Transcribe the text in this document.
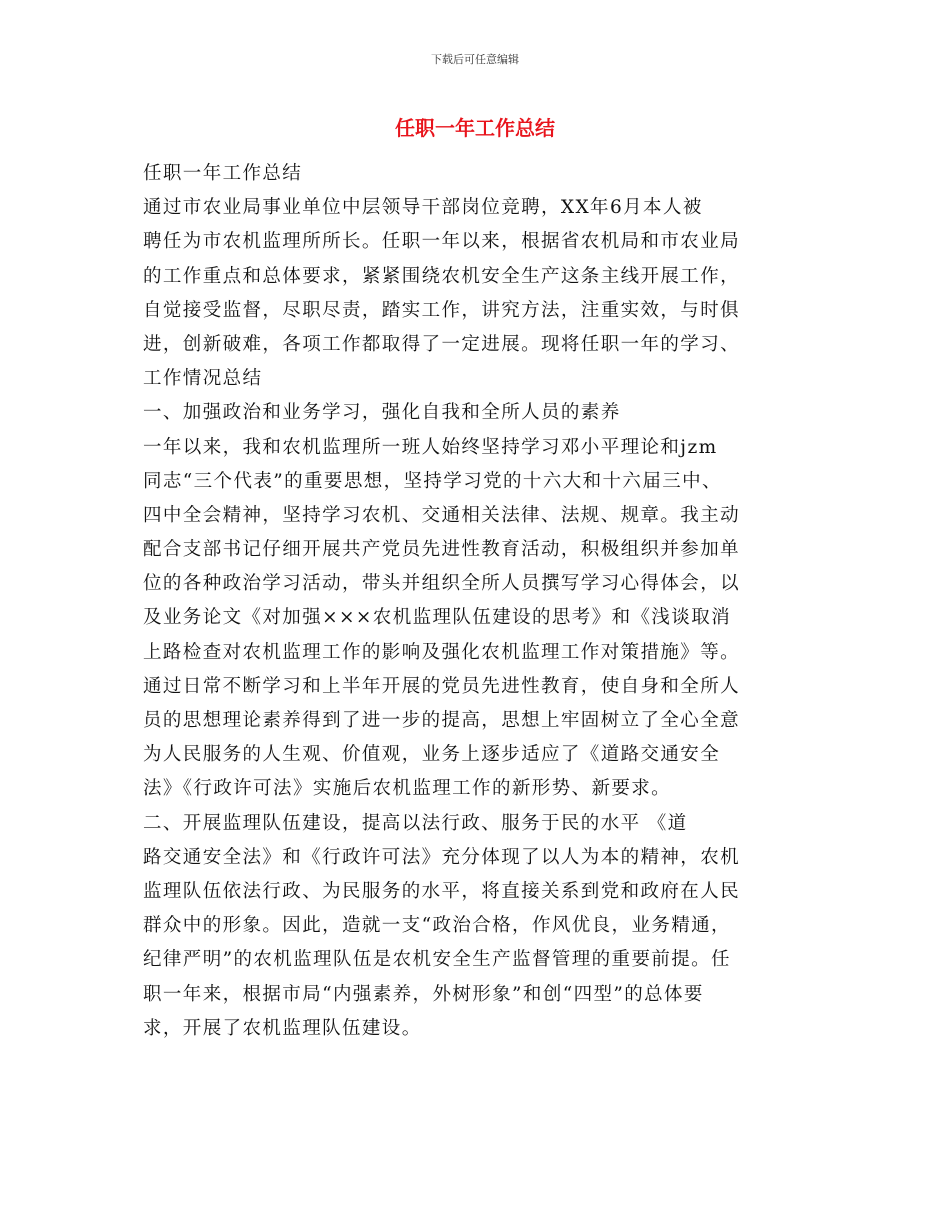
下载后可任意编辑
任职一年工作总结
任职一年工作总结
通过市农业局事业单位中层领导干部岗位竞聘，XX年6月本人被
聘任为市农机监理所所长。任职一年以来，根据省农机局和市农业局
的工作重点和总体要求，紧紧围绕农机安全生产这条主线开展工作，
自觉接受监督，尽职尽责，踏实工作，讲究方法，注重实效，与时俱
进，创新破难，各项工作都取得了一定进展。现将任职一年的学习、
工作情况总结
一、加强政治和业务学习，强化自我和全所人员的素养
一年以来，我和农机监理所一班人始终坚持学习邓小平理论和jzm
同志“三个代表”的重要思想，坚持学习党的十六大和十六届三中、
四中全会精神，坚持学习农机、交通相关法律、法规、规章。我主动
配合支部书记仔细开展共产党员先进性教育活动，积极组织并参加单
位的各种政治学习活动，带头并组织全所人员撰写学习心得体会，以
及业务论文《对加强×××农机监理队伍建设的思考》和《浅谈取消
上路检查对农机监理工作的影响及强化农机监理工作对策措施》等。
通过日常不断学习和上半年开展的党员先进性教育，使自身和全所人
员的思想理论素养得到了进一步的提高，思想上牢固树立了全心全意
为人民服务的人生观、价值观，业务上逐步适应了《道路交通安全
法》《行政许可法》实施后农机监理工作的新形势、新要求。
二、开展监理队伍建设，提高以法行政、服务于民的水平 《道
路交通安全法》和《行政许可法》充分体现了以人为本的精神，农机
监理队伍依法行政、为民服务的水平，将直接关系到党和政府在人民
群众中的形象。因此，造就一支“政治合格，作风优良，业务精通，
纪律严明”的农机监理队伍是农机安全生产监督管理的重要前提。任
职一年来，根据市局“内强素养，外树形象”和创“四型”的总体要
求，开展了农机监理队伍建设。
